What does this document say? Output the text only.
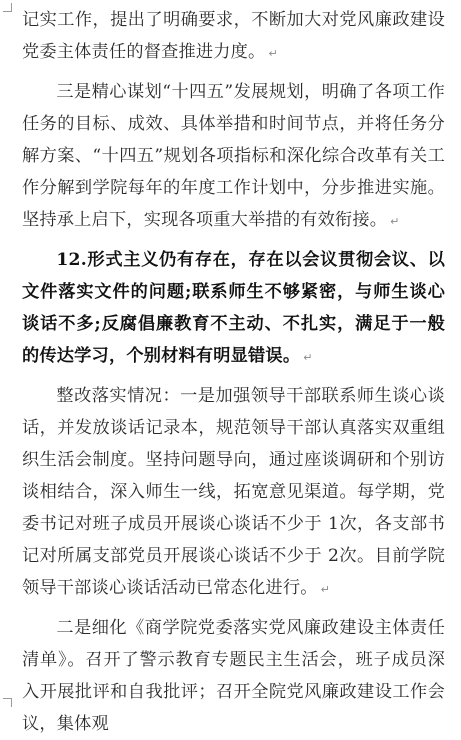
记实工作，提出了明确要求，不断加大对党风廉政建设党委主体责任的督查推进力度。 ↵

三是精心谋划“十四五”发展规划，明确了各项工作任务的目标、成效、具体举措和时间节点，并将任务分解方案、“十四五”规划各项指标和深化综合改革有关工作分解到学院每年的年度工作计划中，分步推进实施。坚持承上启下，实现各项重大举措的有效衔接。 ↵

12.形式主义仍有存在，存在以会议贯彻会议、以文件落实文件的问题;联系师生不够紧密，与师生谈心谈话不多;反腐倡廉教育不主动、不扎实，满足于一般的传达学习，个别材料有明显错误。 ↵

整改落实情况：一是加强领导干部联系师生谈心谈话，并发放谈话记录本，规范领导干部认真落实双重组织生活会制度。坚持问题导向，通过座谈调研和个别访谈相结合，深入师生一线，拓宽意见渠道。每学期，党委书记对班子成员开展谈心谈话不少于 1次，各支部书记对所属支部党员开展谈心谈话不少于 2次。目前学院领导干部谈心谈话活动已常态化进行。 ↵

二是细化《商学院党委落实党风廉政建设主体责任清单》。召开了警示教育专题民主生活会，班子成员深入开展批评和自我批评；召开全院党风廉政建设工作会议，集体观
